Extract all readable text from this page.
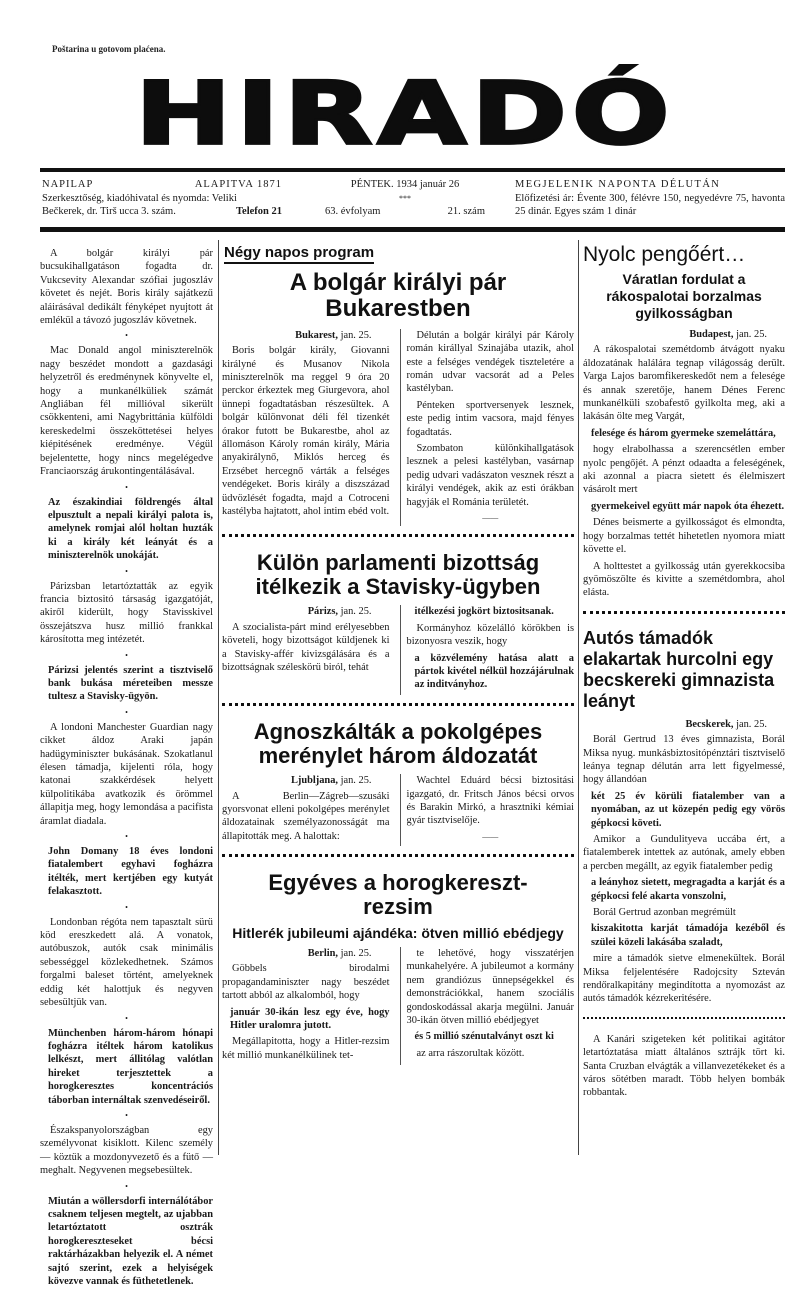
Poštarina u gotovom plaćena.
HIRADÓ
NAPILAP	ALAPITVA 1871
Szerkesztőség, kiadóhivatal és nyomda: Veliki
Bečkerek, dr. Tirš ucca 3. szám.	Telefon 21
PÉNTEK. 1934 január 26
***
63. évfolyam	21. szám
MEGJELENIK NAPONTA DÉLUTÁN
Előfizetési ár: Évente 300, félévre 150, negyedévre 75, havonta 25 dinár. Egyes szám 1 dinár

A bolgár királyi pár bucsukihallgatáson fogadta dr. Vukcsevity Alexandar szófiai jugoszláv követet és nejét. Boris király sajátkezű aláirásával dedikált fényképet nyujtott át emlékül a távozó jugoszláv követnek.

•

Mac Donald angol miniszterelnök nagy beszédet mondott a gazdasági helyzetről és eredménynek könyvelte el, hogy a munkanélküliek számát Angliában fél millióval sikerült csökkenteni, ami Nagybrittánia külföldi kereskedelmi összeköttetései helyes kiépitésének eredménye. Végül bejelentette, hogy nincs megelégedve Franciaország árukontingentálásával.

•

Az északindiai földrengés által elpusztult a nepali királyi palota is, amelynek romjai alól holtan huzták ki a király két leányát és a miniszterelnök unokáját.

•

Párizsban letartóztatták az egyik francia biztositó társaság igazgatóját, akiről kiderült, hogy Stavisskivel összejátszva husz millió frankkal károsította meg intézetét.

•

Párizsi jelentés szerint a tisztviselő bank bukása méreteiben messze tultesz a Stavisky-ügyön.

•

A londoni Manchester Guardian nagy cikket áldoz Araki japán hadügyminiszter bukásának. Szokatlanul élesen támadja, kijelenti róla, hogy katonai szakkérdések helyett külpolitikába avatkozik és örömmel állapitja meg, hogy lemondása a pacifista áramlat diadala.

•

John Domany 18 éves londoni fiatalembert egyhavi fogházra itélték, mert kertjében egy kutyát felakasztott.

•

Londonban régóta nem tapasztalt sürü köd ereszkedett alá. A vonatok, autóbuszok, autók csak minimális sebességgel közlekedhetnek. Számos forgalmi baleset történt, amelyeknek eddig két halottjuk és negyven sebesültjük van.

•

Münchenben három-három hónapi fogházra itéltek három katolikus lelkészt, mert állitólag valótlan hireket terjesztettek a horogkeresztes koncentrációs táborban internáltak szenvedéseiről.

•

Északspanyolországban egy személyvonat kisiklott. Kilenc személy — köztük a mozdonyvezető és a fütő — meghalt. Negyvenen megsebesültek.

•

Miután a wöllersdorfi internálótábor csaknem teljesen megtelt, az ujabban letartóztatott osztrák horogkereszteseket bécsi raktárházakban helyezik el. A német sajtó szerint, ezek a helyiségek kövezve vannak és füthetetlenek.

Négy napos program
A bolgár királyi pár Bukarestben
Bukarest, jan. 25.

Boris bolgár király, Giovanni királyné és Musanov Nikola miniszterelnök ma reggel 9 óra 20 perckor érkeztek meg Giurgevora, ahol ünnepi fogadtatásban részesültek. A bolgár különvonat déli fél tizenkét órakor futott be Bukarestbe, ahol az állomáson Károly román király, Mária anyakirálynő, Miklós herceg és Erzsébet hercegnő várták a felséges vendégeket. Boris király a diszszázad üdvözlését fogadta, majd a Cotroceni kastélyba hajtatott, ahol intim ebéd volt.

Délután a bolgár királyi pár Károly román királlyal Szinajába utazik, ahol este a felséges vendégek tiszteletére a román udvar vacsorát ad a Peles kastélyban.

Pénteken sportversenyek lesznek, este pedig intim vacsora, majd fényes fogadtatás.

Szombaton különkihallgatások lesznek a pelesi kastélyban, vasárnap pedig udvari vadászaton vesznek részt a királyi vendégek, akik az esti órákban hagyják el Románia területét.

——
Külön parlamenti bizottság itélkezik a Stavisky-ügyben
Párizs, jan. 25.

A szocialista-párt mind erélyesebben követeli, hogy bizottságot küldjenek ki a Stavisky-affér kivizsgálására és a bizottságnak széleskörü biról, tehát

itélkezési jogkört biztositsanak.

Kormányhoz közelálló körökben is bizonyosra veszik, hogy

a közvélemény hatása alatt a pártok kivétel nélkül hozzájárulnak az inditványhoz.

Agnoszkálták a pokolgépes merénylet három áldozatát
Ljubljana, jan. 25.

A Berlin—Zágreb—szusáki gyorsvonat elleni pokolgépes merénylet áldozatainak személyazonosságát ma állapitották meg. A halottak:

Wachtel Eduárd bécsi biztositási igazgató, dr. Fritsch János bécsi orvos és Barakin Mirkó, a hrasztniki kémiai gyár tisztviselője.

——
Egyéves a horogkereszt-rezsim
Hitlerék jubileumi ajándéka: ötven millió ebédjegy
Berlin, jan. 25.

Göbbels birodalmi propagandaminiszter nagy beszédet tartott abból az alkalomból, hogy

január 30-ikán lesz egy éve, hogy Hitler uralomra jutott.

Megállapitotta, hogy a Hitler-rezsim két millió munkanélkülinek tet-

te lehetővé, hogy visszatérjen munkahelyére. A jubileumot a kormány nem grandiózus ünnepségekkel és demonstrációkkal, hanem szociális gondoskodással akarja megülni. Január 30-ikán ötven millió ebédjegyet

és 5 millió szénutalványt oszt ki

az arra rászorultak között.

Nyolc pengőért…
Váratlan fordulat a rákospalotai borzalmas gyilkosságban
Budapest, jan. 25.

A rákospalotai szemétdomb átvágott nyaku áldozatának halálára tegnap világosság derült. Varga Lajos baromfikereskedőt nem a felesége és annak szeretője, hanem Dénes Ferenc munkanélküli szobafestő gyilkolta meg, aki a lakásán ölte meg Vargát,

felesége és három gyermeke szemeláttára,

hogy elrabolhassa a szerencsétlen ember nyolc pengőjét. A pénzt odaadta a feleségének, aki azonnal a piacra sietett és élelmiszert vásárolt mert

gyermekeivel együtt már napok óta éhezett.

Dénes beismerte a gyilkosságot és elmondta, hogy borzalmas tettét hihetetlen nyomora miatt követte el.

A holttestet a gyilkosság után gyerekkocsiba gyömöszölte és kivitte a szemétdombra, ahol elásta.

Autós támadók elakartak hurcolni egy becskereki gimnazista leányt
Becskerek, jan. 25.

Borál Gertrud 13 éves gimnazista, Borál Miksa nyug. munkásbiztositópénztári tisztviselő leánya tegnap délután arra lett figyelmessé, hogy állandóan

két 25 év körüli fiatalember van a nyomában, az ut közepén pedig egy vörös gépkocsi követi.

Amikor a Gundulityeva uccába ért, a fiatalemberek intettek az autónak, amely ebben a percben megállt, az egyik fiatalember pedig

a leányhoz sietett, megragadta a karját és a gépkocsi felé akarta vonszolni,

Borál Gertrud azonban megrémült

kiszakitotta karját támadója kezéből és szülei közeli lakásába szaladt,

mire a támadók sietve elmenekültek. Borál Miksa feljelentésére Radojcsity Szteván rendőralkapitány megindította a nyomozást az autós támadók kézrekeritésére.

A Kanári szigeteken két politikai agitátor letartóztatása miatt általános sztrájk tört ki. Santa Cruzban elvágták a villanvezetékeket és a város sötétben maradt. Több helyen bombák robbantak.
